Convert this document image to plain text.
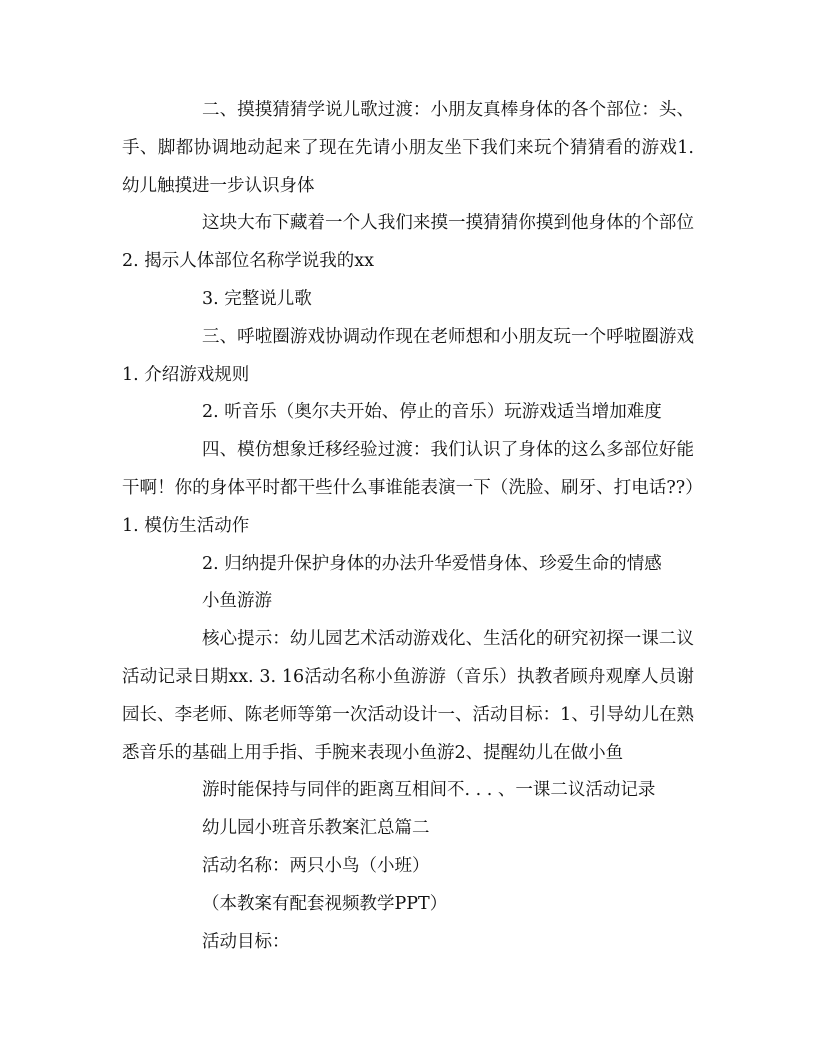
二、摸摸猜猜学说儿歌过渡：小朋友真棒身体的各个部位：头、手、脚都协调地动起来了现在先请小朋友坐下我们来玩个猜猜看的游戏1. 幼儿触摸进一步认识身体

这块大布下藏着一个人我们来摸一摸猜猜你摸到他身体的个部位2. 揭示人体部位名称学说我的xx

3. 完整说儿歌

三、呼啦圈游戏协调动作现在老师想和小朋友玩一个呼啦圈游戏1. 介绍游戏规则

2. 听音乐（奥尔夫开始、停止的音乐）玩游戏适当增加难度

四、模仿想象迁移经验过渡：我们认识了身体的这么多部位好能干啊！你的身体平时都干些什么事谁能表演一下（洗脸、刷牙、打电话??）1. 模仿生活动作

2. 归纳提升保护身体的办法升华爱惜身体、珍爱生命的情感

小鱼游游

核心提示：幼儿园艺术活动游戏化、生活化的研究初探一课二议活动记录日期xx. 3. 16活动名称小鱼游游（音乐）执教者顾舟观摩人员谢园长、李老师、陈老师等第一次活动设计一、活动目标：1、引导幼儿在熟悉音乐的基础上用手指、手腕来表现小鱼游2、提醒幼儿在做小鱼

游时能保持与同伴的距离互相间不. . . 、一课二议活动记录

幼儿园小班音乐教案汇总篇二

活动名称：两只小鸟（小班）

（本教案有配套视频教学PPT）

活动目标：
